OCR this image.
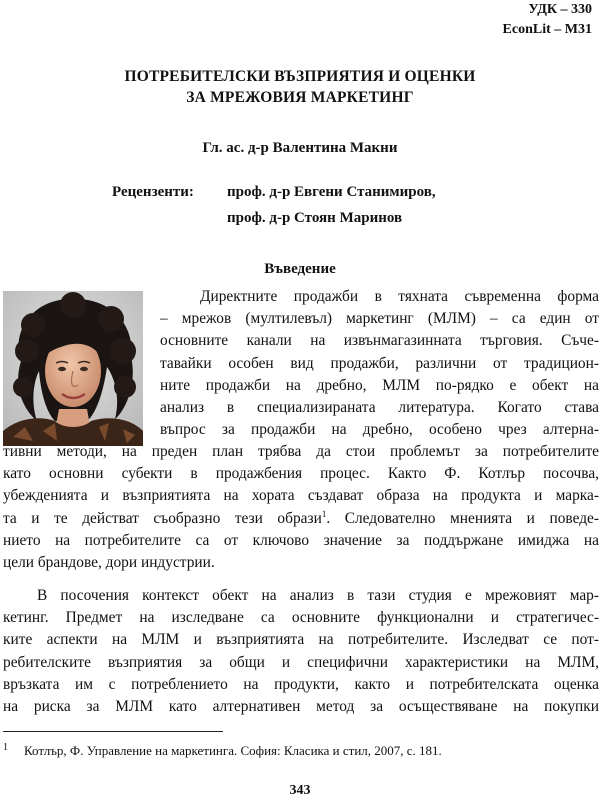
УДК – 330
EconLit – M31
ПОТРЕБИТЕЛСКИ ВЪЗПРИЯТИЯ И ОЦЕНКИ
ЗА МРЕЖОВИЯ МАРКЕТИНГ
Гл. ас. д-р Валентина Макни
Рецензенти: проф. д-р Евгени Станимиров,
проф. д-р Стоян Маринов
Въведение
Директните продажби в тяхната съвременна форма
– мрежов (мултилевъл) маркетинг (МЛМ) – са един от
основните канали на извънмагазинната търговия. Съче-
тавайки особен вид продажби, различни от традицион-
ните продажби на дребно, МЛМ по-рядко е обект на
анализ в специализираната литература. Когато става
въпрос за продажби на дребно, особено чрез алтерна-
тивни методи, на преден план трябва да стои проблемът за потребителите
като основни субекти в продажбения процес. Както Ф. Котлър посочва,
убежденията и възприятията на хората създават образа на продукта и марка-
та и те действат съобразно тези образи$^1$. Следователно мненията и поведе-
нието на потребителите са от ключово значение за поддържане имиджа на
цели брандове, дори индустрии.
В посочения контекст обект на анализ в тази студия е мрежовият мар-
кетинг. Предмет на изследване са основните функционални и стратегичес-
ките аспекти на МЛМ и възприятията на потребителите. Изследват се пот-
ребителските възприятия за общи и специфични характеристики на МЛМ,
връзката им с потреблението на продукти, както и потребителската оценка
на риска за МЛМ като алтернативен метод за осъществяване на покупки
$^1$ Котлър, Ф. Управление на маркетинга. София: Класика и стил, 2007, с. 181.
343
